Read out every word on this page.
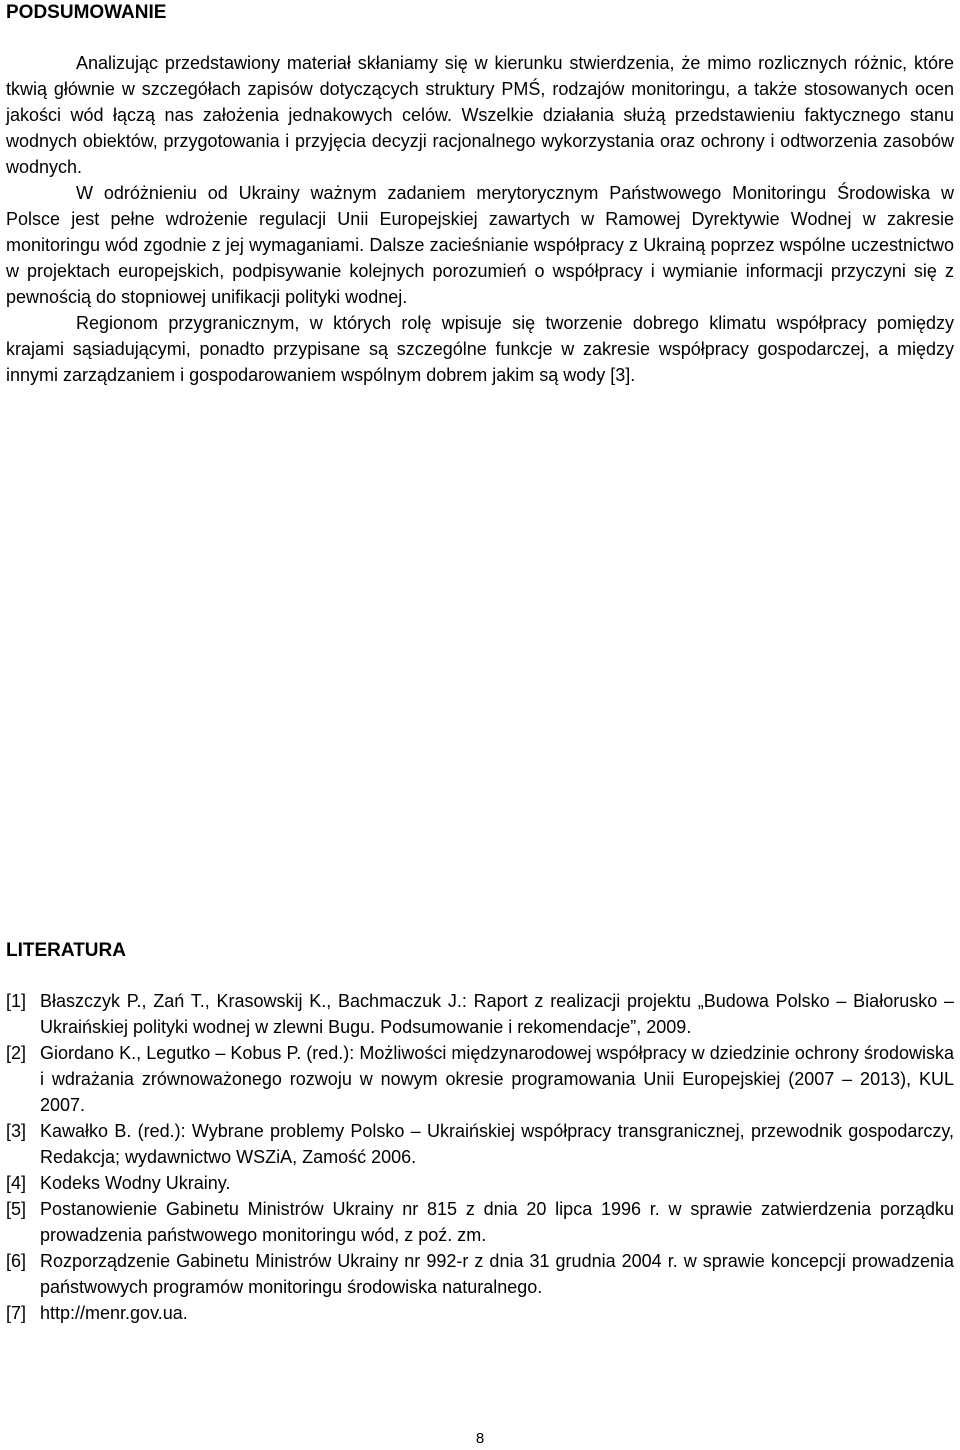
PODSUMOWANIE

Analizując przedstawiony materiał skłaniamy się w kierunku stwierdzenia, że mimo rozlicznych różnic, które tkwią głównie w szczegółach zapisów dotyczących struktury PMŚ, rodzajów monitoringu, a także stosowanych ocen jakości wód łączą nas założenia jednakowych celów. Wszelkie działania służą przedstawieniu faktycznego stanu wodnych obiektów, przygotowania i przyjęcia decyzji racjonalnego wykorzystania oraz ochrony i odtworzenia zasobów wodnych.

W odróżnieniu od Ukrainy ważnym zadaniem merytorycznym Państwowego Monitoringu Środowiska w Polsce jest pełne wdrożenie regulacji Unii Europejskiej zawartych w Ramowej Dyrektywie Wodnej w zakresie monitoringu wód zgodnie z jej wymaganiami. Dalsze zacieśnianie współpracy z Ukrainą poprzez wspólne uczestnictwo w projektach europejskich, podpisywanie kolejnych porozumień o współpracy i wymianie informacji przyczyni się z pewnością do stopniowej unifikacji polityki wodnej.

Regionom przygranicznym, w których rolę wpisuje się tworzenie dobrego klimatu współpracy pomiędzy krajami sąsiadującymi, ponadto przypisane są szczególne funkcje w zakresie współpracy gospodarczej, a między innymi zarządzaniem i gospodarowaniem wspólnym dobrem jakim są wody [3].

LITERATURA
[1] Błaszczyk P., Zań T., Krasowskij K., Bachmaczuk J.: Raport z realizacji projektu „Budowa Polsko – Białorusko – Ukraińskiej polityki wodnej w zlewni Bugu. Podsumowanie i rekomendacje”, 2009.
[2] Giordano K., Legutko – Kobus P. (red.): Możliwości międzynarodowej współpracy w dziedzinie ochrony środowiska i wdrażania zrównoważonego rozwoju w nowym okresie programowania Unii Europejskiej (2007 – 2013), KUL 2007.
[3] Kawałko B. (red.): Wybrane problemy Polsko – Ukraińskiej współpracy transgranicznej, przewodnik gospodarczy, Redakcja; wydawnictwo WSZiA, Zamość 2006.
[4] Kodeks Wodny Ukrainy.
[5] Postanowienie Gabinetu Ministrów Ukrainy nr 815 z dnia 20 lipca 1996 r. w sprawie zatwierdzenia porządku prowadzenia państwowego monitoringu wód, z poź. zm.
[6] Rozporządzenie Gabinetu Ministrów Ukrainy nr 992-r z dnia 31 grudnia 2004 r. w sprawie koncepcji prowadzenia państwowych programów monitoringu środowiska naturalnego.
[7] http://menr.gov.ua.
8
